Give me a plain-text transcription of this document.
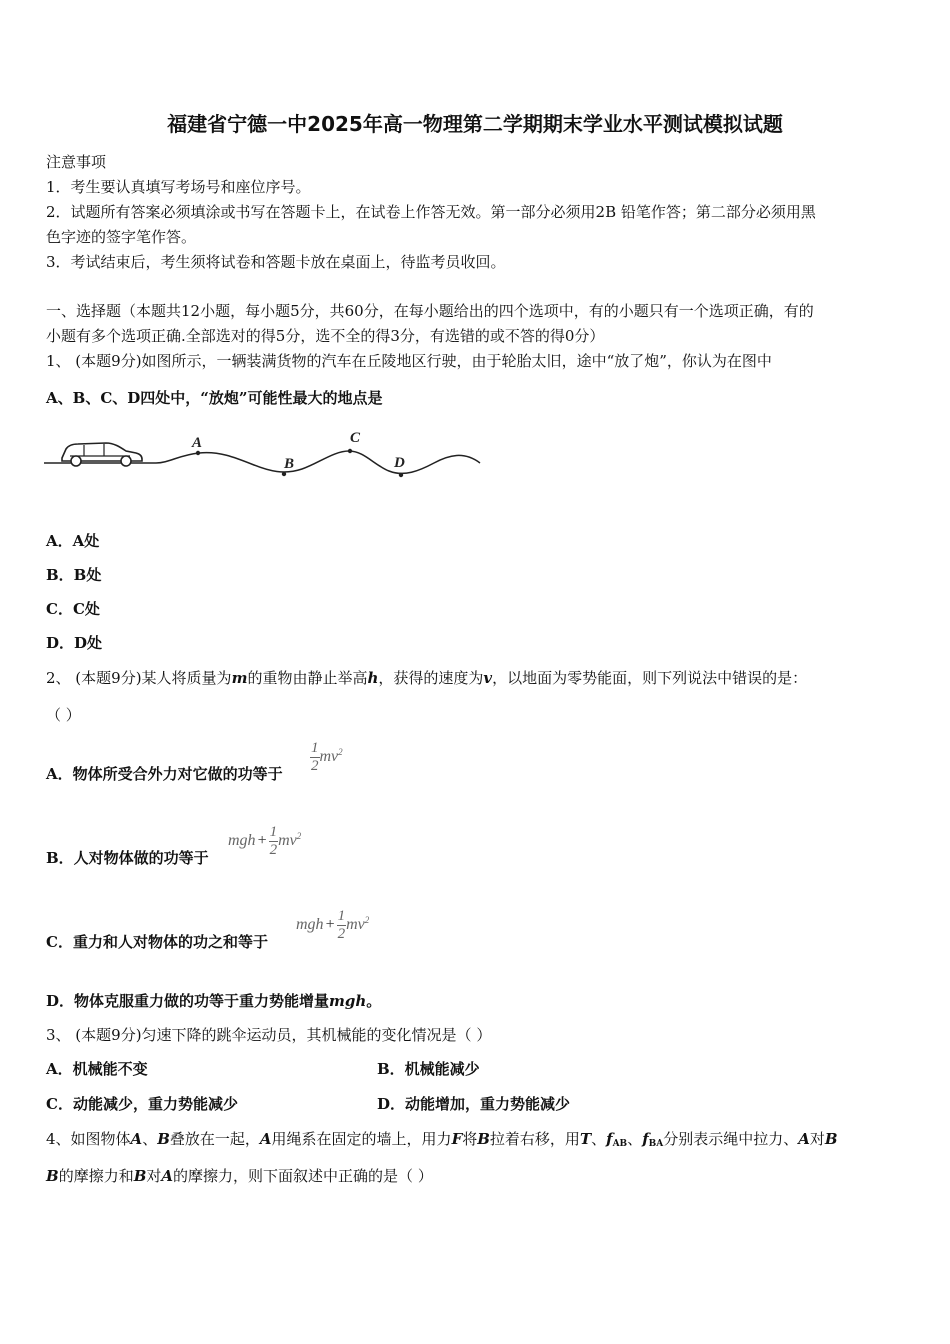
福建省宁德一中2025年高一物理第二学期期末学业水平测试模拟试题
注意事项
1．考生要认真填写考场号和座位序号。
2．试题所有答案必须填涂或书写在答题卡上，在试卷上作答无效。第一部分必须用2B 铅笔作答；第二部分必须用黑
色字迹的签字笔作答。
3．考试结束后，考生须将试卷和答题卡放在桌面上，待监考员收回。
一、选择题（本题共12小题，每小题5分，共60分，在每小题给出的四个选项中，有的小题只有一个选项正确，有的
小题有多个选项正确.全部选对的得5分，选不全的得3分，有选错的或不答的得0分）
1、 (本题9分)如图所示，一辆装满货物的汽车在丘陵地区行驶，由于轮胎太旧，途中“放了炮”，你认为在图中
A、B、C、D四处中，“放炮”可能性最大的地点是
A
B
C
D
A．A处
B．B处
C．C处
D．D处
2、 (本题9分)某人将质量为m的重物由静止举高h，获得的速度为v，以地面为零势能面，则下列说法中错误的是：
（ ）
A．物体所受合外力对它做的功等于 $\frac{1}{2} mv^2$
B．人对物体做的功等于
mgh + $\frac{1}{2} mv^2$
C．重力和人对物体的功之和等于
mgh + $\frac{1}{2} mv^2$
D．物体克服重力做的功等于重力势能增量mgh。
3、 (本题9分)匀速下降的跳伞运动员，其机械能的变化情况是（ ）
A．机械能不变	B．机械能减少
C．动能减少，重力势能减少	D．动能增加，重力势能减少
4、如图物体A、B叠放在一起，A用绳系在固定的墙上，用力F将B拉着右移，用T、$f_{AB}$、$f_{BA}$分别表示绳中拉力、A对B
B的摩擦力和B对A的摩擦力，则下面叙述中正确的是（ ）
